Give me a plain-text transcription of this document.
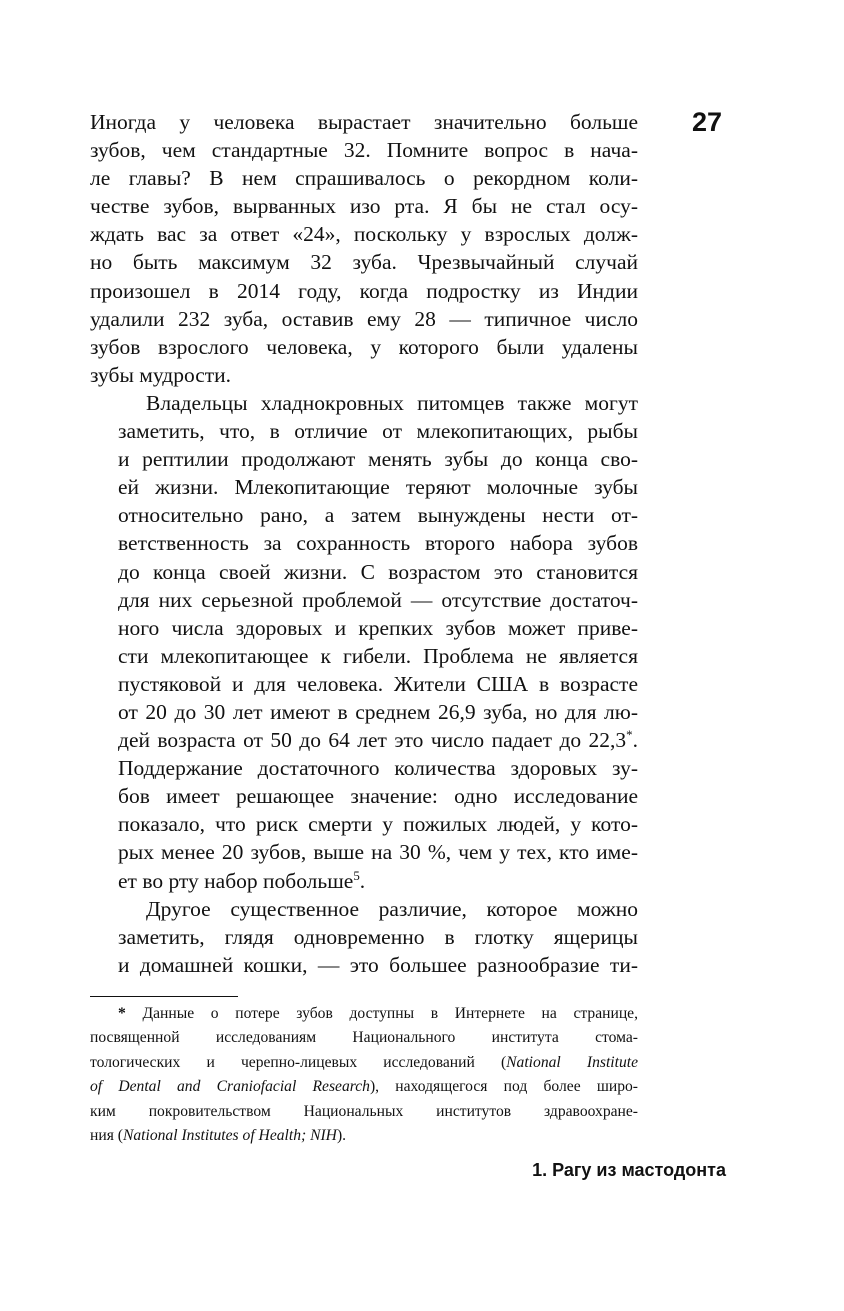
27

Иногда у человека вырастает значительно больше
зубов, чем стандартные 32. Помните вопрос в нача-
ле главы? В нем спрашивалось о рекордном коли-
честве зубов, вырванных изо рта. Я бы не стал осу-
ждать вас за ответ «24», поскольку у взрослых долж-
но быть максимум 32 зуба. Чрезвычайный случай
произошел в 2014 году, когда подростку из Индии
удалили 232 зуба, оставив ему 28 — типичное число
зубов взрослого человека, у которого были удалены
зубы мудрости.

Владельцы хладнокровных питомцев также могут
заметить, что, в отличие от млекопитающих, рыбы
и рептилии продолжают менять зубы до конца сво-
ей жизни. Млекопитающие теряют молочные зубы
относительно рано, а затем вынуждены нести от-
ветственность за сохранность второго набора зубов
до конца своей жизни. С возрастом это становится
для них серьезной проблемой — отсутствие достаточ-
ного числа здоровых и крепких зубов может приве-
сти млекопитающее к гибели. Проблема не является
пустяковой и для человека. Жители США в возрасте
от 20 до 30 лет имеют в среднем 26,9 зуба, но для лю-
дей возраста от 50 до 64 лет это число падает до 22,3*.
Поддержание достаточного количества здоровых зу-
бов имеет решающее значение: одно исследование
показало, что риск смерти у пожилых людей, у кото-
рых менее 20 зубов, выше на 30 %, чем у тех, кто име-
ет во рту набор побольше$^5$.

Другое существенное различие, которое можно
заметить, глядя одновременно в глотку ящерицы
и домашней кошки, — это большее разнообразие ти-

* Данные о потере зубов доступны в Интернете на странице,
посвященной исследованиям Национального института стома-
тологических и черепно-лицевых исследований (National Institute
of Dental and Craniofacial Research), находящегося под более широ-
ким покровительством Национальных институтов здравоохране-
ния (National Institutes of Health; NIH).
1. Рагу из мастодонта
